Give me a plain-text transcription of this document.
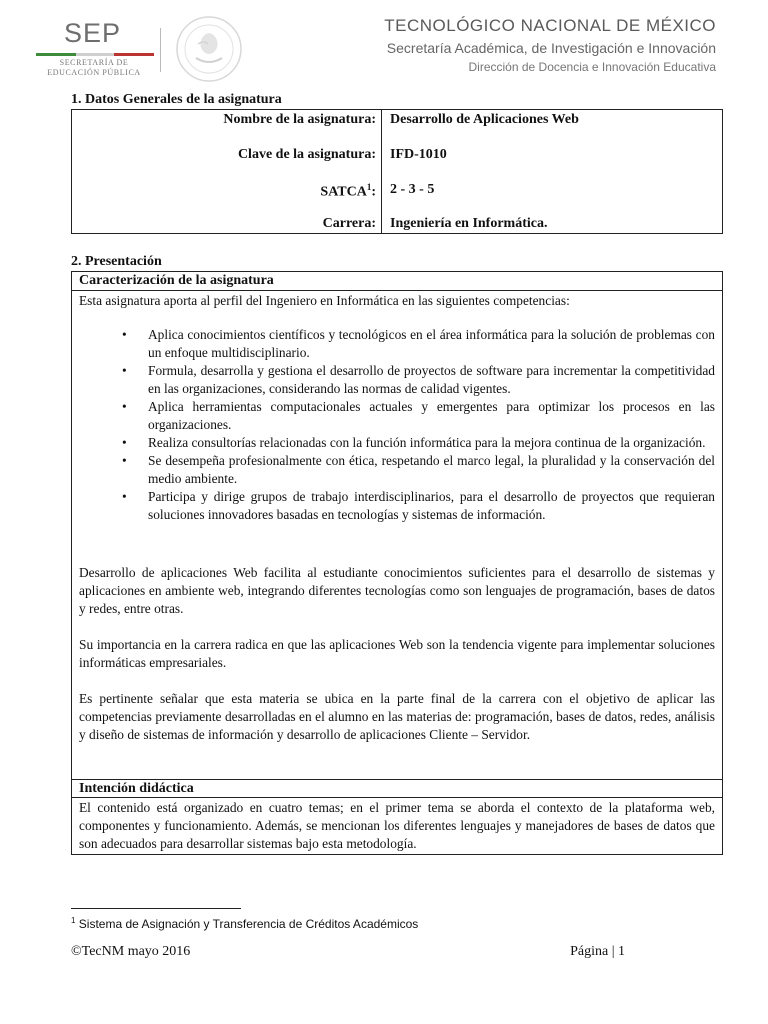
SEP
SECRETARÍA DE
EDUCACIÓN PÚBLICA
TECNOLÓGICO NACIONAL DE MÉXICO
Secretaría Académica, de Investigación e Innovación
Dirección de Docencia e Innovación Educativa
1. Datos Generales de la asignatura
Nombre de la asignatura: Desarrollo de Aplicaciones Web
Clave de la asignatura: IFD-1010
SATCA$^1$: 2 - 3 - 5
Carrera: Ingeniería en Informática.
2. Presentación
Caracterización de la asignatura
Esta asignatura aporta al perfil del Ingeniero en Informática en las siguientes competencias:
• Aplica conocimientos científicos y tecnológicos en el área informática para la solución de problemas con un enfoque multidisciplinario.
• Formula, desarrolla y gestiona el desarrollo de proyectos de software para incrementar la competitividad en las organizaciones, considerando las normas de calidad vigentes.
• Aplica herramientas computacionales actuales y emergentes para optimizar los procesos en las organizaciones.
• Realiza consultorías relacionadas con la función informática para la mejora continua de la organización.
• Se desempeña profesionalmente con ética, respetando el marco legal, la pluralidad y la conservación del medio ambiente.
• Participa y dirige grupos de trabajo interdisciplinarios, para el desarrollo de proyectos que requieran soluciones innovadores basadas en tecnologías y sistemas de información.
Desarrollo de aplicaciones Web facilita al estudiante conocimientos suficientes para el desarrollo de sistemas y aplicaciones en ambiente web, integrando diferentes tecnologías como son lenguajes de programación, bases de datos y redes, entre otras.
Su importancia en la carrera radica en que las aplicaciones Web son la tendencia vigente para implementar soluciones informáticas empresariales.
Es pertinente señalar que esta materia se ubica en la parte final de la carrera con el objetivo de aplicar las competencias previamente desarrolladas en el alumno en las materias de: programación, bases de datos, redes, análisis y diseño de sistemas de información y desarrollo de aplicaciones Cliente – Servidor.
Intención didáctica
El contenido está organizado en cuatro temas; en el primer tema se aborda el contexto de la plataforma web, componentes y funcionamiento. Además, se mencionan los diferentes lenguajes y manejadores de bases de datos que son adecuados para desarrollar sistemas bajo esta metodología.
$^1$ Sistema de Asignación y Transferencia de Créditos Académicos
©TecNM mayo 2016	Página | 1
